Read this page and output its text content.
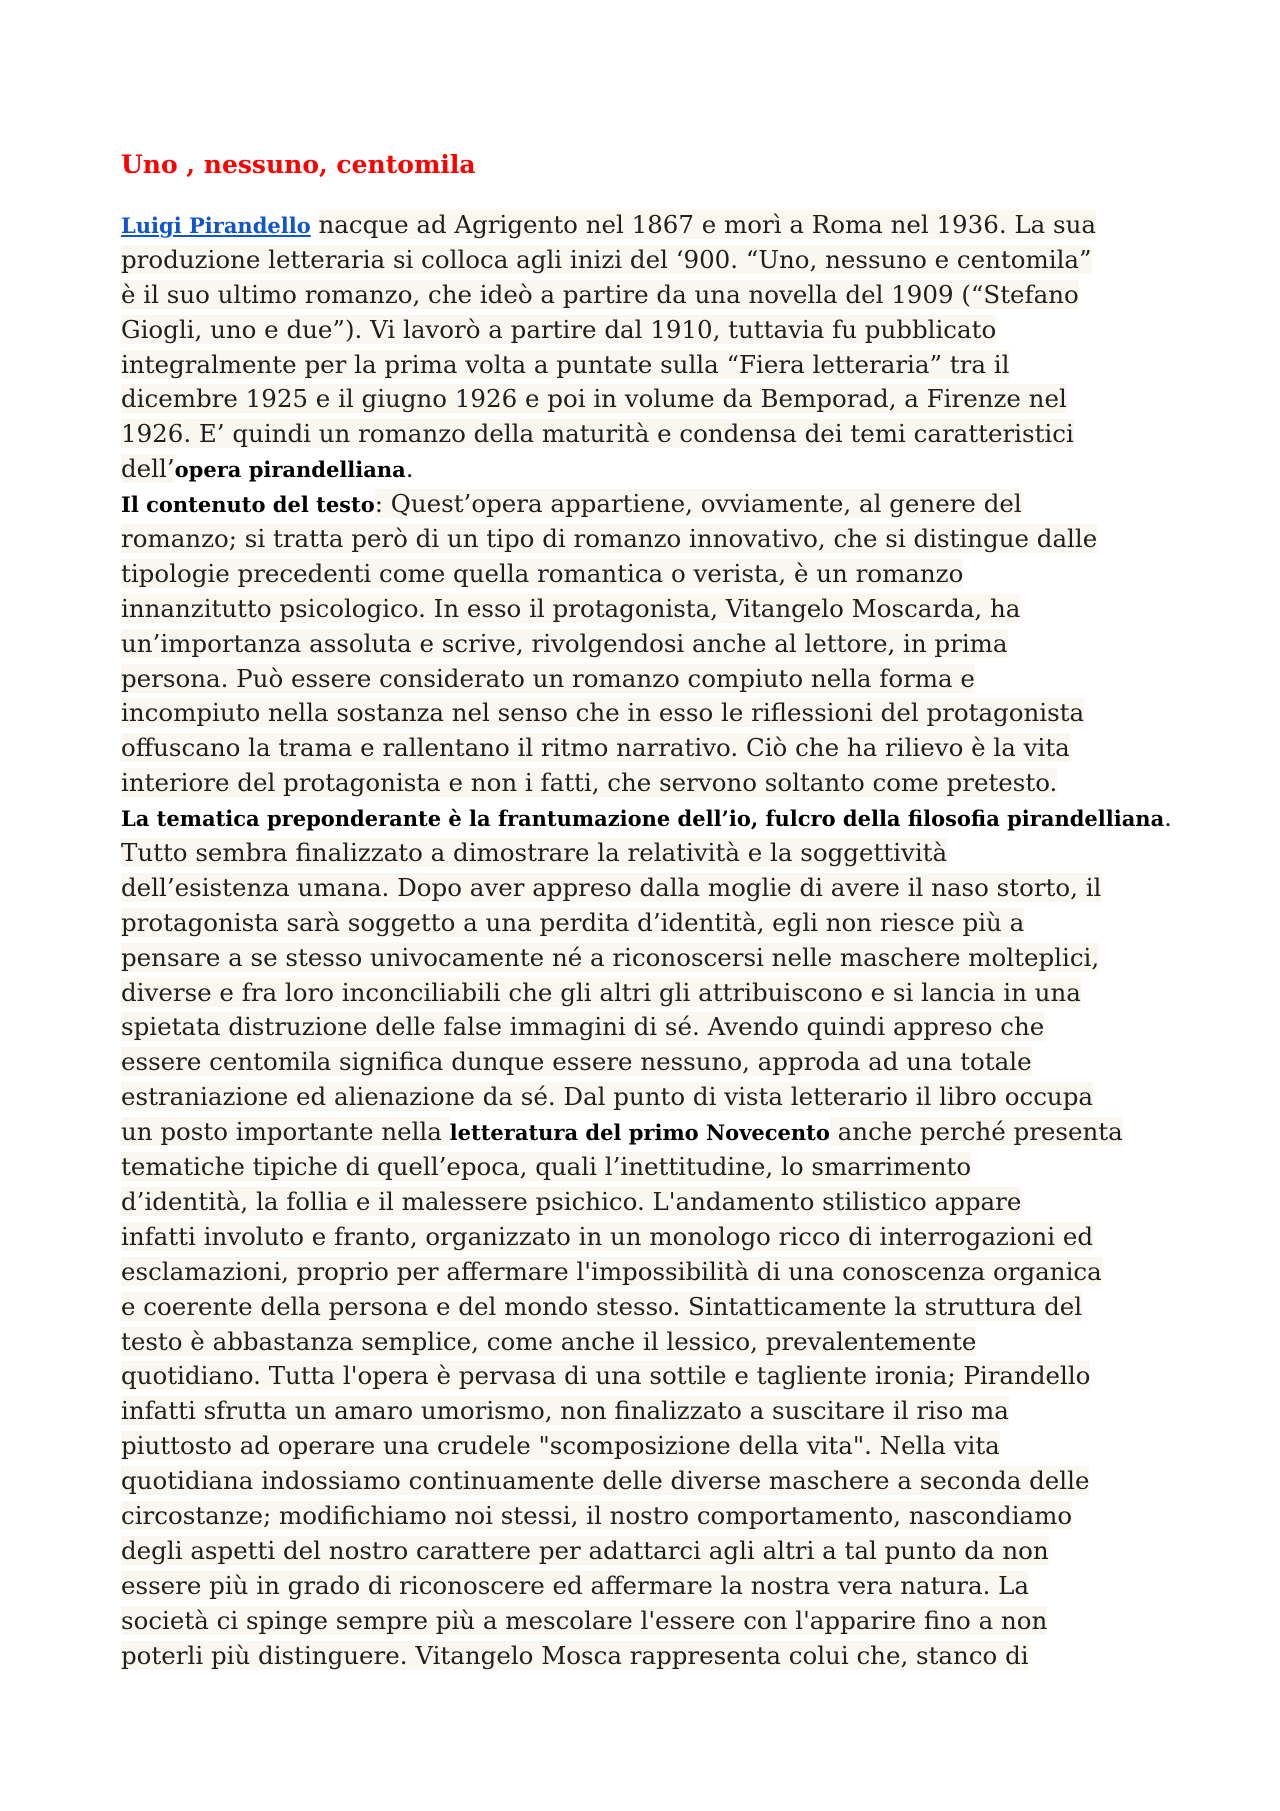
Uno , nessuno, centomila
Luigi Pirandello nacque ad Agrigento nel 1867 e morì a Roma nel 1936. La sua
produzione letteraria si colloca agli inizi del ‘900. “Uno, nessuno e centomila”
è il suo ultimo romanzo, che ideò a partire da una novella del 1909 (“Stefano
Giogli, uno e due”). Vi lavorò a partire dal 1910, tuttavia fu pubblicato
integralmente per la prima volta a puntate sulla “Fiera letteraria” tra il
dicembre 1925 e il giugno 1926 e poi in volume da Bemporad, a Firenze nel
1926. E’ quindi un romanzo della maturità e condensa dei temi caratteristici
dell’opera pirandelliana.
Il contenuto del testo: Quest’opera appartiene, ovviamente, al genere del
romanzo; si tratta però di un tipo di romanzo innovativo, che si distingue dalle
tipologie precedenti come quella romantica o verista, è un romanzo
innanzitutto psicologico. In esso il protagonista, Vitangelo Moscarda, ha
un’importanza assoluta e scrive, rivolgendosi anche al lettore, in prima
persona. Può essere considerato un romanzo compiuto nella forma e
incompiuto nella sostanza nel senso che in esso le riflessioni del protagonista
offuscano la trama e rallentano il ritmo narrativo. Ciò che ha rilievo è la vita
interiore del protagonista e non i fatti, che servono soltanto come pretesto.
La tematica preponderante è la frantumazione dell’io, fulcro della filosofia pirandelliana.
Tutto sembra finalizzato a dimostrare la relatività e la soggettività
dell’esistenza umana. Dopo aver appreso dalla moglie di avere il naso storto, il
protagonista sarà soggetto a una perdita d’identità, egli non riesce più a
pensare a se stesso univocamente né a riconoscersi nelle maschere molteplici,
diverse e fra loro inconciliabili che gli altri gli attribuiscono e si lancia in una
spietata distruzione delle false immagini di sé. Avendo quindi appreso che
essere centomila significa dunque essere nessuno, approda ad una totale
estraniazione ed alienazione da sé. Dal punto di vista letterario il libro occupa
un posto importante nella letteratura del primo Novecento anche perché presenta
tematiche tipiche di quell’epoca, quali l’inettitudine, lo smarrimento
d’identità, la follia e il malessere psichico. L'andamento stilistico appare
infatti involuto e franto, organizzato in un monologo ricco di interrogazioni ed
esclamazioni, proprio per affermare l'impossibilità di una conoscenza organica
e coerente della persona e del mondo stesso. Sintatticamente la struttura del
testo è abbastanza semplice, come anche il lessico, prevalentemente
quotidiano. Tutta l'opera è pervasa di una sottile e tagliente ironia; Pirandello
infatti sfrutta un amaro umorismo, non finalizzato a suscitare il riso ma
piuttosto ad operare una crudele "scomposizione della vita". Nella vita
quotidiana indossiamo continuamente delle diverse maschere a seconda delle
circostanze; modifichiamo noi stessi, il nostro comportamento, nascondiamo
degli aspetti del nostro carattere per adattarci agli altri a tal punto da non
essere più in grado di riconoscere ed affermare la nostra vera natura. La
società ci spinge sempre più a mescolare l'essere con l'apparire fino a non
poterli più distinguere. Vitangelo Mosca rappresenta colui che, stanco di
